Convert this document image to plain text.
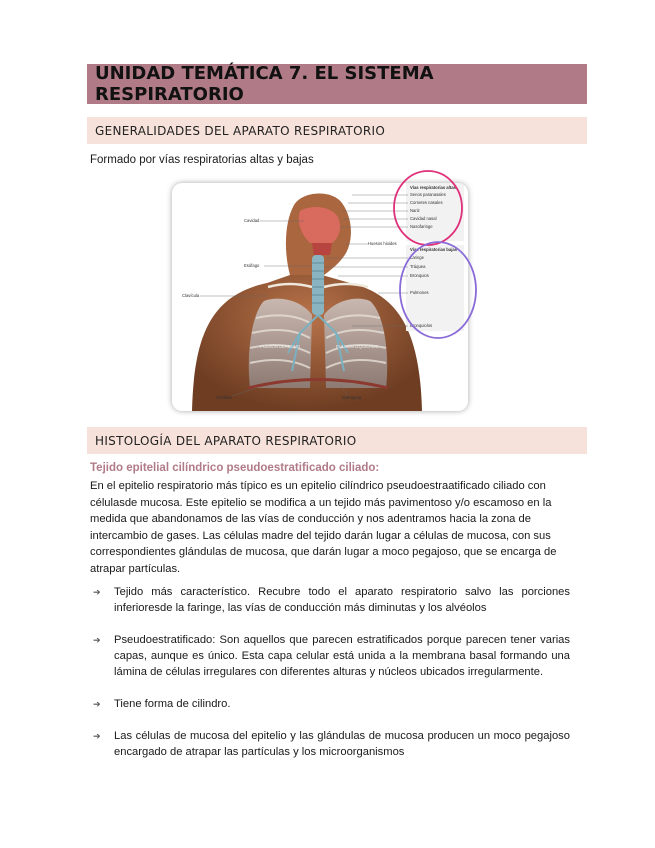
UNIDAD TEMÁTICA 7. EL SISTEMA RESPIRATORIO
GENERALIDADES DEL APARATO RESPIRATORIO
Formado por vías respiratorias altas y bajas
Cavidad
Esófago
Clavícula
Costillas	Diafragma
Huesos hioides
PULMÓN DERECHO	PULMÓN IZQUIERDO
Vías respiratorias altas
Senos paranasales
Cornetes nasales
Nariz
Cavidad nasal
Nasofaringe
Vías respiratorias bajas
Laringe
Tráquea
Bronquios
Pulmones
Bronquiolos
HISTOLOGÍA DEL APARATO RESPIRATORIO
Tejido epitelial cilíndrico pseudoestratificado ciliado:

En el epitelio respiratorio más típico es un epitelio cilíndrico pseudoestraatificado ciliado con célulasde mucosa. Este epitelio se modifica a un tejido más pavimentoso y/o escamoso en la medida que abandonamos de las vías de conducción y nos adentramos hacia la zona de intercambio de gases. Las células madre del tejido darán lugar a células de mucosa, con sus correspondientes glándulas de mucosa, que darán lugar a moco pegajoso, que se encarga de atrapar partículas.

➔ Tejido más característico. Recubre todo el aparato respiratorio salvo las porciones inferioresde la faringe, las vías de conducción más diminutas y los alvéolos
➔ Pseudoestratificado: Son aquellos que parecen estratificados porque parecen tener varias capas, aunque es único. Esta capa celular está unida a la membrana basal formando una lámina de células irregulares con diferentes alturas y núcleos ubicados irregularmente.
➔ Tiene forma de cilindro.
➔ Las células de mucosa del epitelio y las glándulas de mucosa producen un moco pegajoso encargado de atrapar las partículas y los microorganismos
